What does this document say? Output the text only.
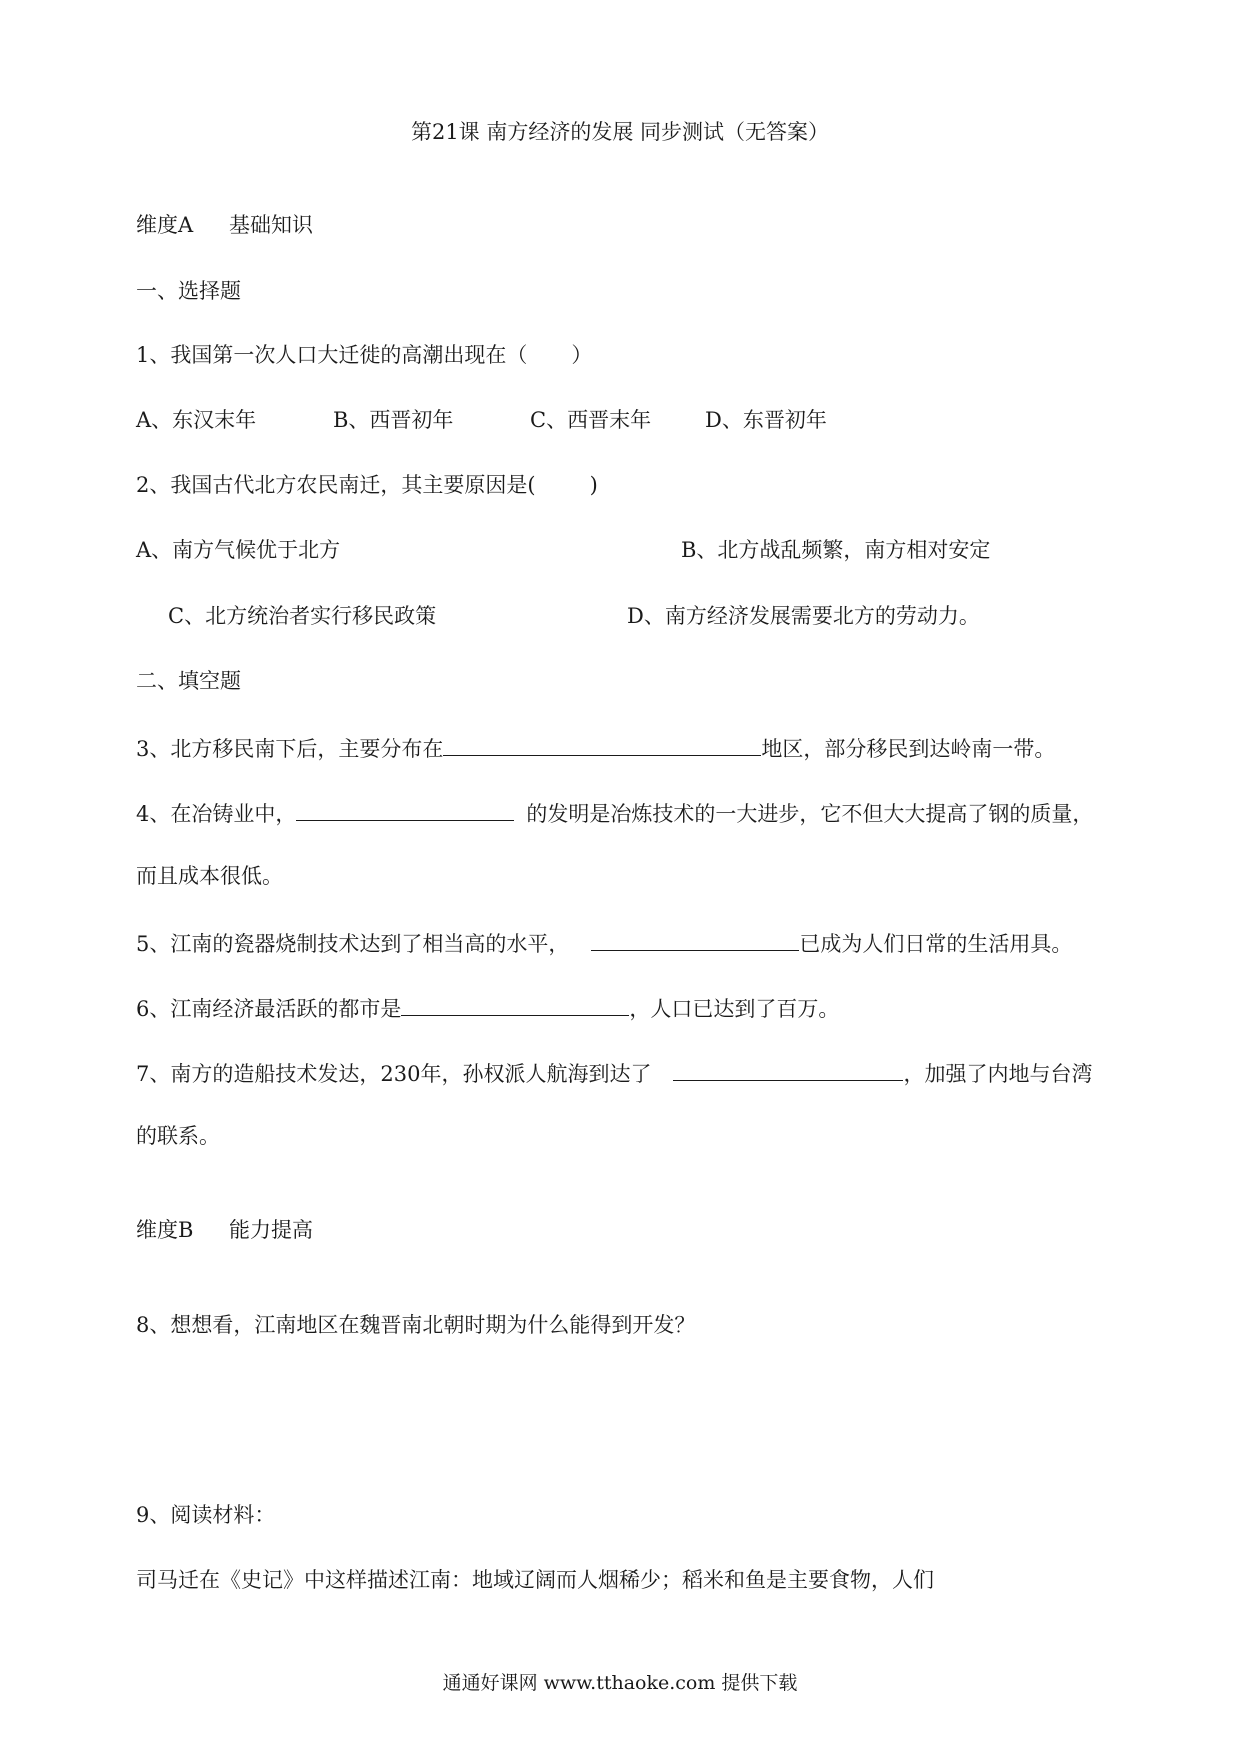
第21课 南方经济的发展 同步测试（无答案）
维度A 基础知识
一、选择题
1、我国第一次人口大迁徙的高潮出现在（ ）
A、东汉末年	B、西晋初年	C、西晋末年	D、东晋初年
2、我国古代北方农民南迁，其主要原因是(	)
A、南方气候优于北方	B、北方战乱频繁，南方相对安定
C、北方统治者实行移民政策	D、南方经济发展需要北方的劳动力。
二、填空题
3、北方移民南下后，主要分布在	地区，部分移民到达岭南一带。
4、在冶铸业中，	的发明是冶炼技术的一大进步，它不但大大提高了钢的质量，
而且成本很低。
5、江南的瓷器烧制技术达到了相当高的水平，	已成为人们日常的生活用具。
6、江南经济最活跃的都市是	，人口已达到了百万。
7、南方的造船技术发达，230年，孙权派人航海到达了	，加强了内地与台湾
的联系。
维度B 能力提高
8、想想看，江南地区在魏晋南北朝时期为什么能得到开发？
9、阅读材料：
司马迁在《史记》中这样描述江南：地域辽阔而人烟稀少；稻米和鱼是主要食物，人们
通通好课网 www.tthaoke.com 提供下载
